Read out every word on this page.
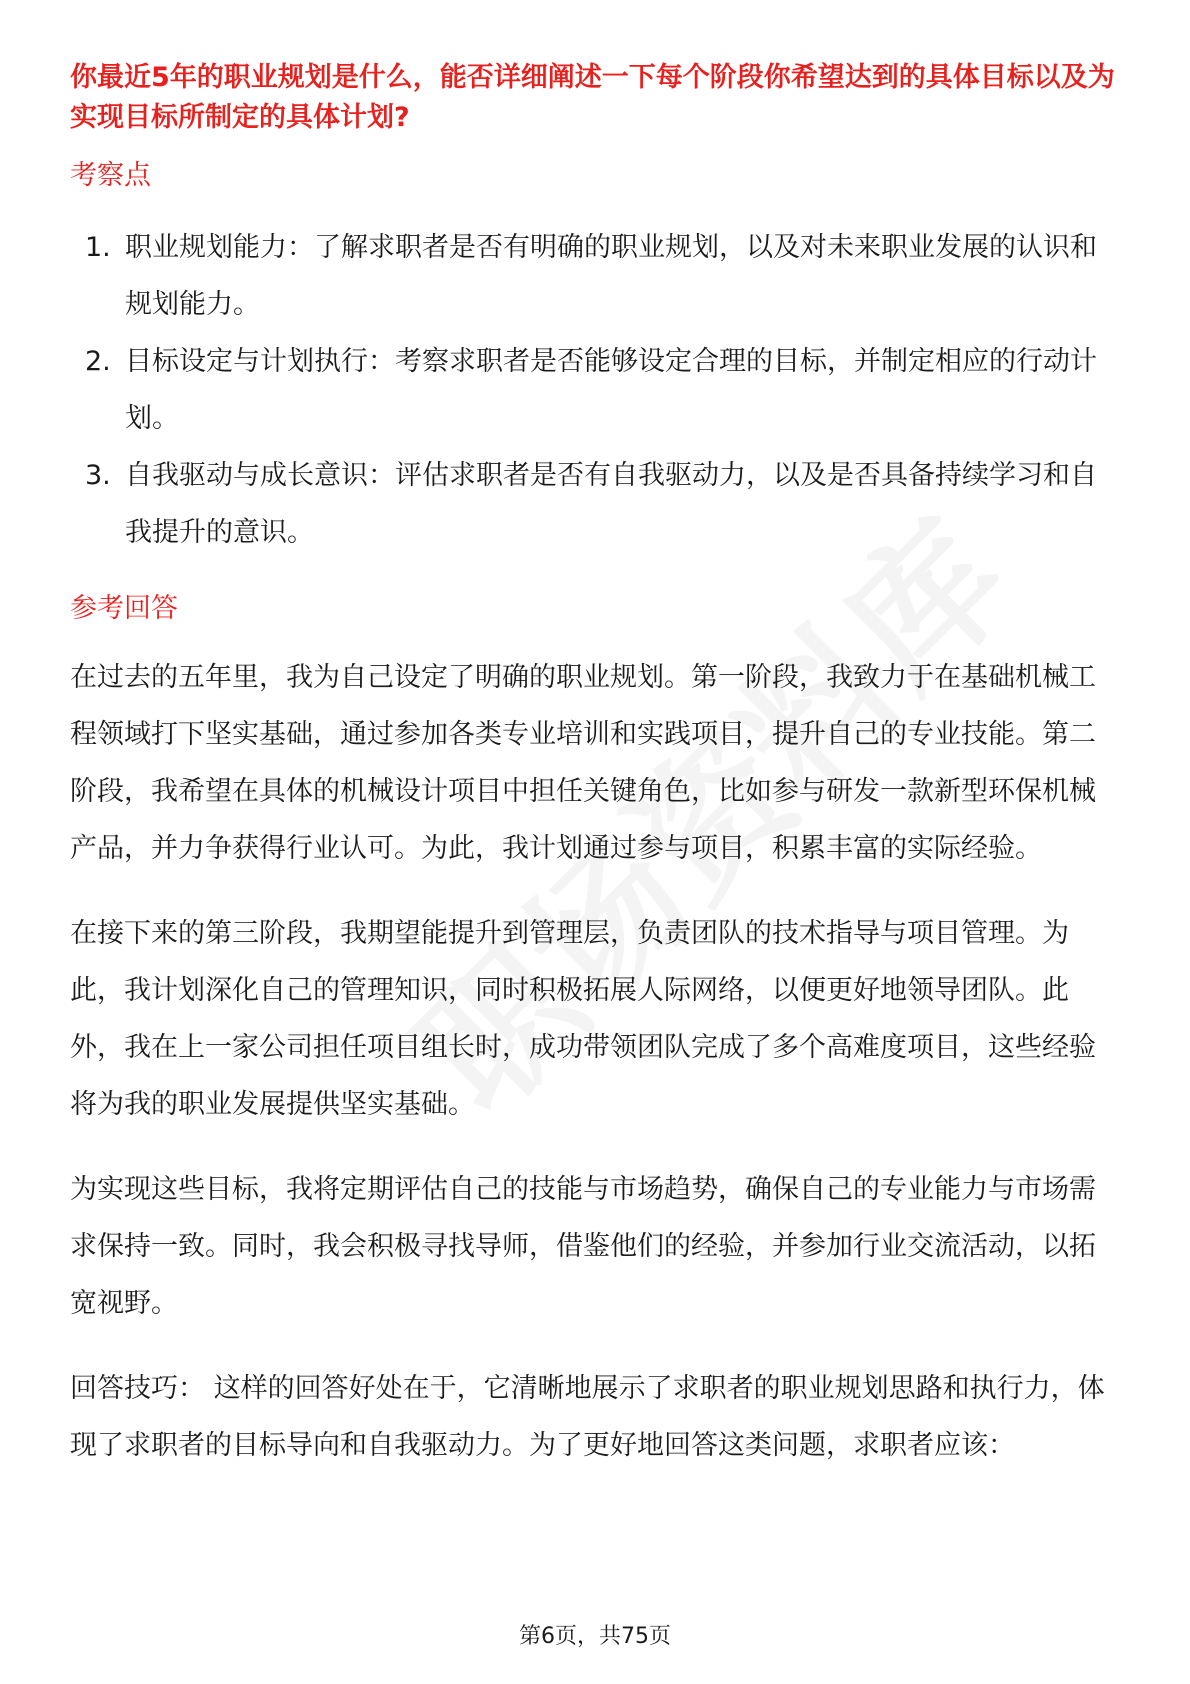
你最近5年的职业规划是什么，能否详细阐述一下每个阶段你希望达到的具体目标以及为实现目标所制定的具体计划?

考察点

1. 职业规划能力：了解求职者是否有明确的职业规划，以及对未来职业发展的认识和规划能力。
2. 目标设定与计划执行：考察求职者是否能够设定合理的目标，并制定相应的行动计划。
3. 自我驱动与成长意识：评估求职者是否有自我驱动力，以及是否具备持续学习和自我提升的意识。

参考回答

在过去的五年里，我为自己设定了明确的职业规划。第一阶段，我致力于在基础机械工程领域打下坚实基础，通过参加各类专业培训和实践项目，提升自己的专业技能。第二阶段，我希望在具体的机械设计项目中担任关键角色，比如参与研发一款新型环保机械产品，并力争获得行业认可。为此，我计划通过参与项目，积累丰富的实际经验。

在接下来的第三阶段，我期望能提升到管理层，负责团队的技术指导与项目管理。为此，我计划深化自己的管理知识，同时积极拓展人际网络，以便更好地领导团队。此外，我在上一家公司担任项目组长时，成功带领团队完成了多个高难度项目，这些经验将为我的职业发展提供坚实基础。

为实现这些目标，我将定期评估自己的技能与市场趋势，确保自己的专业能力与市场需求保持一致。同时，我会积极寻找导师，借鉴他们的经验，并参加行业交流活动，以拓宽视野。

回答技巧： 这样的回答好处在于，它清晰地展示了求职者的职业规划思路和执行力，体现了求职者的目标导向和自我驱动力。为了更好地回答这类问题，求职者应该：

第6页，共75页
